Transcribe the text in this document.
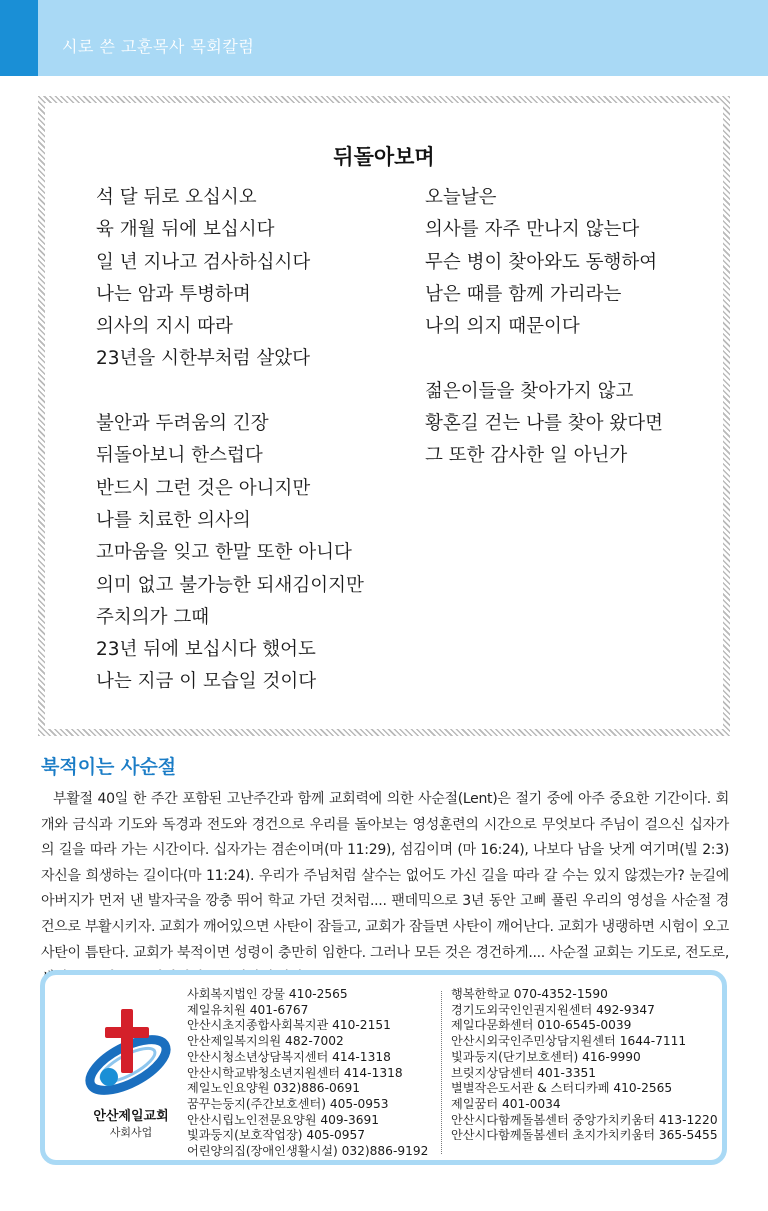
시로 쓴 고훈목사 목회칼럼
뒤돌아보며
석 달 뒤로 오십시오
육 개월 뒤에 보십시다
일 년 지나고 검사하십시다
나는 암과 투병하며
의사의 지시 따라
23년을 시한부처럼 살았다
불안과 두려움의 긴장
뒤돌아보니 한스럽다
반드시 그런 것은 아니지만
나를 치료한 의사의
고마움을 잊고 한말 또한 아니다
의미 없고 불가능한 되새김이지만
주치의가 그때
23년 뒤에 보십시다 했어도
나는 지금 이 모습일 것이다
오늘날은
의사를 자주 만나지 않는다
무슨 병이 찾아와도 동행하여
남은 때를 함께 가리라는
나의 의지 때문이다
젊은이들을 찾아가지 않고
황혼길 걷는 나를 찾아 왔다면
그 또한 감사한 일 아닌가
북적이는 사순절
부활절 40일 한 주간 포함된 고난주간과 함께 교회력에 의한 사순절(Lent)은 절기 중에 아주 중요한 기간이다. 회개와 금식과 기도와 독경과 전도와 경건으로 우리를 돌아보는 영성훈련의 시간으로 무엇보다 주님이 걸으신 십자가의 길을 따라 가는 시간이다. 십자가는 겸손이며(마 11:29), 섬김이며 (마 16:24), 나보다 남을 낫게 여기며(빌 2:3) 자신을 희생하는 길이다(마 11:24). 우리가 주님처럼 살수는 없어도 가신 길을 따라 갈 수는 있지 않겠는가? 눈길에 아버지가 먼저 낸 발자국을 깡충 뛰어 학교 가던 것처럼.... 팬데믹으로 3년 동안 고삐 풀린 우리의 영성을 사순절 경건으로 부활시키자. 교회가 깨어있으면 사탄이 잠들고, 교회가 잠들면 사탄이 깨어난다. 교회가 냉랭하면 시험이 오고 사탄이 틈탄다. 교회가 북적이면 성령이 충만히 임한다. 그러나 모든 것은 경건하게.... 사순절 교회는 기도로, 전도로,
안산제일교회
사회사업
사회복지법인 강물 410-2565
제일유치원 401-6767
안산시초지종합사회복지관 410-2151
안산제일복지의원 482-7002
안산시청소년상담복지센터 414-1318
안산시학교밖청소년지원센터 414-1318
제일노인요양원 032)886-0691
꿈꾸는둥지(주간보호센터) 405-0953
안산시립노인전문요양원 409-3691
빛과둥지(보호작업장) 405-0957
어린양의집(장애인생활시설) 032)886-9192
행복한학교 070-4352-1590
경기도외국인인권지원센터 492-9347
제일다문화센터 010-6545-0039
안산시외국인주민상담지원센터 1644-7111
빛과둥지(단기보호센터) 416-9990
브릿지상담센터 401-3351
별별작은도서관 & 스터디카페 410-2565
제일꿈터 401-0034
안산시다함께돌봄센터 중앙가치키움터 413-1220
안산시다함께돌봄센터 초지가치키움터 365-5455
